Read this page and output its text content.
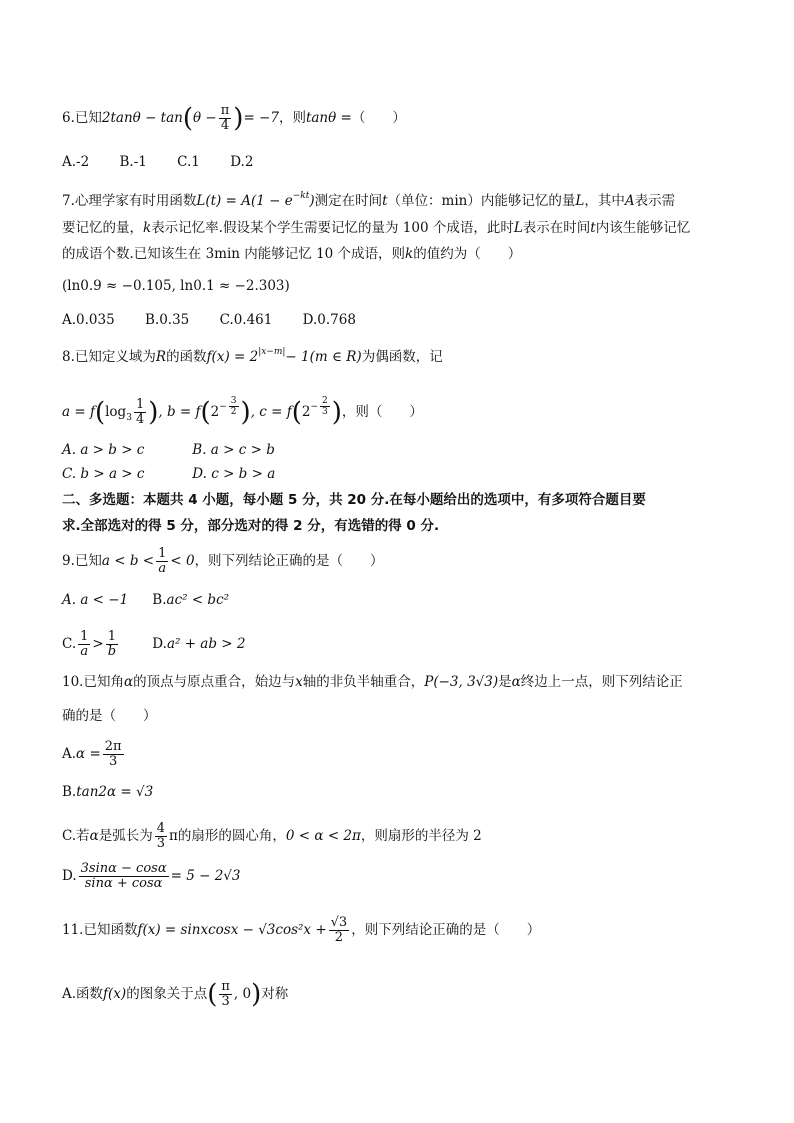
6.已知$2\tan\theta - \tan(\theta - \frac{\pi}{4}$ )= −7，则tanθ =（　　）
A.-2 B.-1 C.1 D.2
7.心理学家有时用函数$L(t) = A(1 - e^{-kt})$测定在时间t（单位：min）内能够记忆的量L，其中A表示需
要记忆的量，k表示记忆率.假设某个学生需要记忆的量为 100 个成语，此时L表示在时间t内该生能够记忆
的成语个数.已知该生在 3min 内能够记忆 10 个成语，则k的值约为（　　）
(ln0.9 ≈ −0.105, ln0.1 ≈ −2.303)
A.0.035 B.0.35 C.0.461 D.0.768
8.已知定义域为R的函数$f(x) = 2^{|x-m|}- 1(m$ ∈ R)为偶函数，记
$a = f(\log_3 \frac{1}{4}$ ), $b = f(2^{- \frac{3}{2}}$ ), $c = f(2^{- \frac{2}{3}}$ )，则（　　）
A. a > b > c	B. a > c > b
C. b > a > c	D. c > b > a
二、多选题：本题共 4 小题，每小题 5 分，共 20 分.在每小题给出的选项中，有多项符合题目要
求.全部选对的得 5 分，部分选对的得 2 分，有选错的得 0 分.
9.已知$a < b < \frac{1}{a} < 0$，则下列结论正确的是（　　）
A. a < −1 B.ac² < bc²
C. $\frac{1}{a} > \frac{1}{b}$	D.a² + ab > 2
10.已知角α的顶点与原点重合，始边与x轴的非负半轴重合，P(−3, 3√3)是α终边上一点，则下列结论正
确的是（　　）
$A.\alpha = \frac{2\pi}{3}$
B.tan2α = √3
C.若α是弧长为 $\frac{4}{3}$ π的扇形的圆心角，0 < α < 2π，则扇形的半径为 2
D. $\frac{3\sin\alpha - \cos\alpha}{\sin\alpha + \cos\alpha} = 5 - 2√3$
11.已知函数f(x) = sinxcosx − $√3\cos^2x + \frac{√3}{2}$ ，则下列结论正确的是（　　）
A.函数f(x)的图象关于点( $\frac{\pi}{3}$ , 0)对称
